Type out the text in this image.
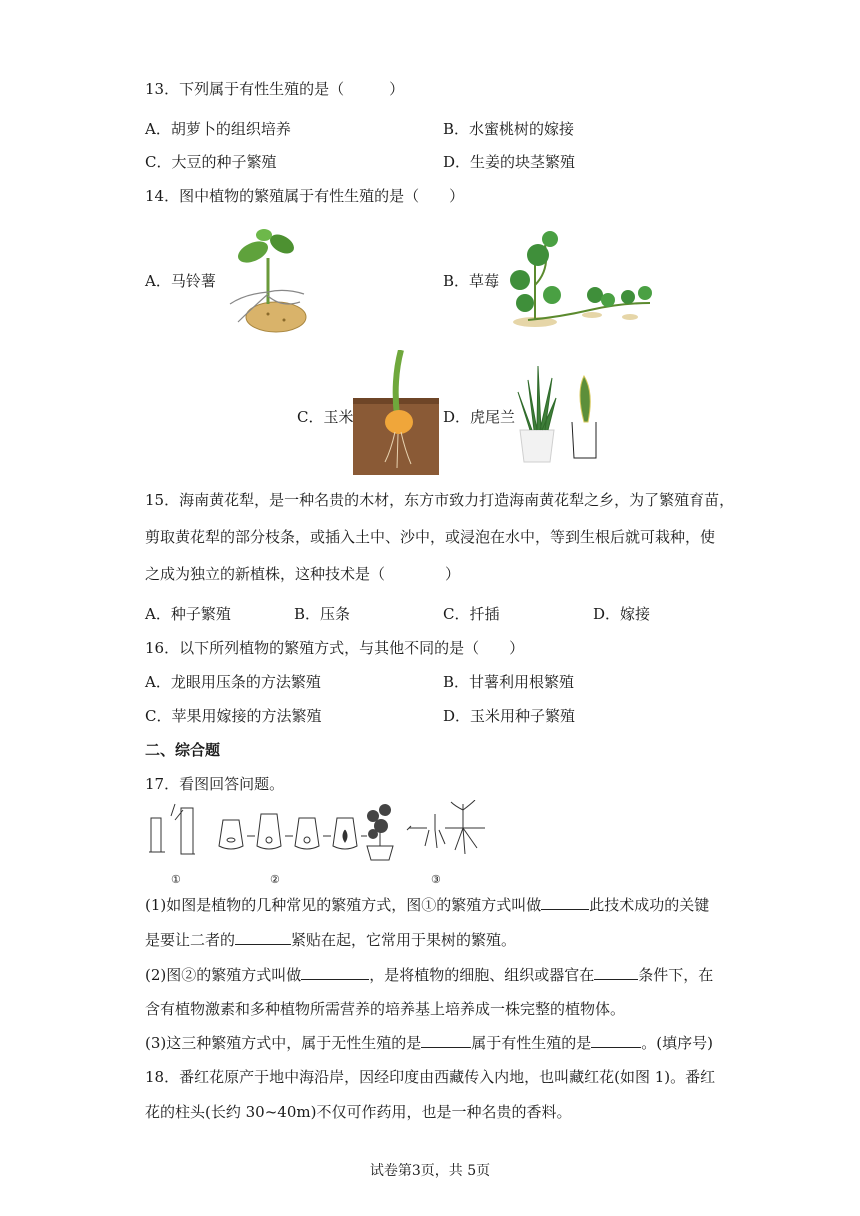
13．下列属于有性生殖的是（　　　）
A．胡萝卜的组织培养	B．水蜜桃树的嫁接
C．大豆的种子繁殖	D．生姜的块茎繁殖
14．图中植物的繁殖属于有性生殖的是（　　）
A．马铃薯	B．草莓
C．玉米	D．虎尾兰
15．海南黄花犁，是一种名贵的木材，东方市致力打造海南黄花犁之乡，为了繁殖育苗，
剪取黄花犁的部分枝条，或插入土中、沙中，或浸泡在水中，等到生根后就可栽种，使
之成为独立的新植株，这种技术是（　　　　）
A．种子繁殖	B．压条	C．扦插	D．嫁接
16．以下所列植物的繁殖方式，与其他不同的是（　　）
A．龙眼用压条的方法繁殖	B．甘薯利用根繁殖
C．苹果用嫁接的方法繁殖	D．玉米用种子繁殖
二、综合题
17．看图回答问题。
①	②	③
(1)如图是植物的几种常见的繁殖方式，图①的繁殖方式叫做	此技术成功的关键
是要让二者的	紧贴在起，它常用于果树的繁殖。
(2)图②的繁殖方式叫做	，是将植物的细胞、组织或器官在	条件下，在
含有植物激素和多种植物所需营养的培养基上培养成一株完整的植物体。
(3)这三种繁殖方式中，属于无性生殖的是	属于有性生殖的是	。(填序号)
18．番红花原产于地中海沿岸，因经印度由西藏传入内地，也叫藏红花(如图 1)。番红
花的柱头(长约 30~40m)不仅可作药用，也是一种名贵的香料。
试卷第3页，共 5页
